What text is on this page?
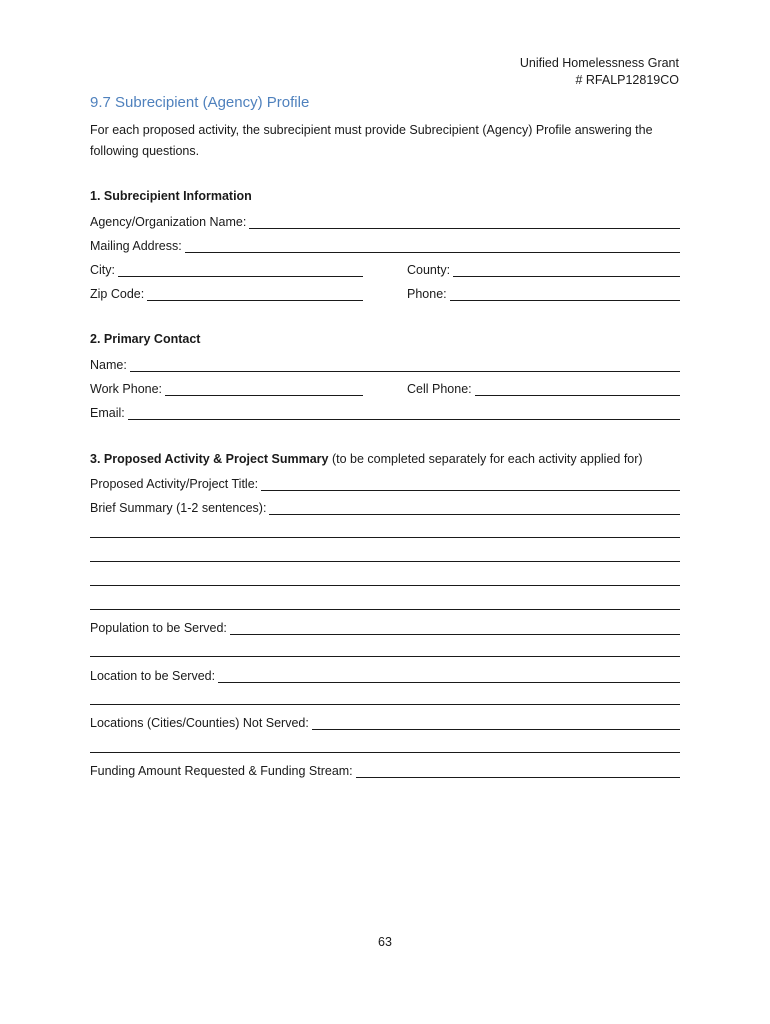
Unified Homelessness Grant
# RFALP12819CO
9.7 Subrecipient (Agency) Profile
For each proposed activity, the subrecipient must provide Subrecipient (Agency) Profile answering the following questions.
1. Subrecipient Information
Agency/Organization Name:
Mailing Address:
City:	County:
Zip Code:	Phone:
2. Primary Contact
Name:
Work Phone:	Cell Phone:
Email:
3. Proposed Activity & Project Summary (to be completed separately for each activity applied for)
Proposed Activity/Project Title:
Brief Summary (1-2 sentences):
Population to be Served:
Location to be Served:
Locations (Cities/Counties) Not Served:
Funding Amount Requested & Funding Stream:
63
